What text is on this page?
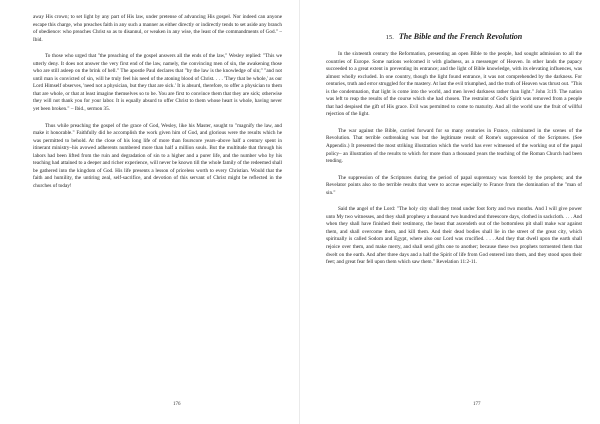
away His crown; to set light by any part of His law, under pretense of advancing His gospel. Nor indeed can anyone escape this charge, who preaches faith in any such a manner as either directly or indirectly tends to set aside any branch of obedience: who preaches Christ so as to disannul, or weaken in any wise, the least of the commandments of God." – Ibid.

To those who urged that "the preaching of the gospel answers all the ends of the law," Wesley replied: "This we utterly deny. It does not answer the very first end of the law, namely, the convincing men of sin, the awakening those who are still asleep on the brink of hell." The apostle Paul declares that "by the law is the knowledge of sin;" "and not until man is convicted of sin, will he truly feel his need of the atoning blood of Christ. . . . 'They that be whole,' as our Lord Himself observes, 'need not a physician, but they that are sick.' It is absurd, therefore, to offer a physician to them that are whole, or that at least imagine themselves so to be. You are first to convince them that they are sick; otherwise they will not thank you for your labor. It is equally absurd to offer Christ to them whose heart is whole, having never yet been broken." – Ibid., sermon 35.

Thus while preaching the gospel of the grace of God, Wesley, like his Master, sought to "magnify the law, and make it honorable." Faithfully did he accomplish the work given him of God, and glorious were the results which he was permitted to behold. At the close of his long life of more than fourscore years–above half a century spent in itinerant ministry–his avowed adherents numbered more than half a million souls. But the multitude that through his labors had been lifted from the ruin and degradation of sin to a higher and a purer life, and the number who by his teaching had attained to a deeper and richer experience, will never be known till the whole family of the redeemed shall be gathered into the kingdom of God. His life presents a lesson of priceless worth to every Christian. Would that the faith and humility, the untiring zeal, self-sacrifice, and devotion of this servant of Christ might be reflected in the churches of today!

176
15. The Bible and the French Revolution

In the sixteenth century the Reformation, presenting an open Bible to the people, had sought admission to all the countries of Europe. Some nations welcomed it with gladness, as a messenger of Heaven. In other lands the papacy succeeded to a great extent in preventing its entrance; and the light of Bible knowledge, with its elevating influences, was almost wholly excluded. In one country, though the light found entrance, it was not comprehended by the darkness. For centuries, truth and error struggled for the mastery. At last the evil triumphed, and the truth of Heaven was thrust out. "This is the condemnation, that light is come into the world, and men loved darkness rather than light." John 3:19. The nation was left to reap the results of the course which she had chosen. The restraint of God's Spirit was removed from a people that had despised the gift of His grace. Evil was permitted to come to maturity. And all the world saw the fruit of willful rejection of the light.

The war against the Bible, carried forward for so many centuries in France, culminated in the scenes of the Revolution. That terrible outbreaking was but the legitimate result of Rome's suppression of the Scriptures. (See Appendix.) It presented the most striking illustration which the world has ever witnessed of the working out of the papal policy– an illustration of the results to which for more than a thousand years the teaching of the Roman Church had been tending.

The suppression of the Scriptures during the period of papal supremacy was foretold by the prophets; and the Revelator points also to the terrible results that were to accrue especially to France from the domination of the "man of sin."

Said the angel of the Lord: "The holy city shall they tread under foot forty and two months. And I will give power unto My two witnesses, and they shall prophesy a thousand two hundred and threescore days, clothed in sackcloth. . . . And when they shall have finished their testimony, the beast that ascendeth out of the bottomless pit shall make war against them, and shall overcome them, and kill them. And their dead bodies shall lie in the street of the great city, which spiritually is called Sodom and Egypt, where also our Lord was crucified. . . . And they that dwell upon the earth shall rejoice over them, and make merry, and shall send gifts one to another; because these two prophets tormented them that dwelt on the earth. And after three days and a half the Spirit of life from God entered into them, and they stood upon their feet; and great fear fell upon them which saw them." Revelation 11:2-11.

177
